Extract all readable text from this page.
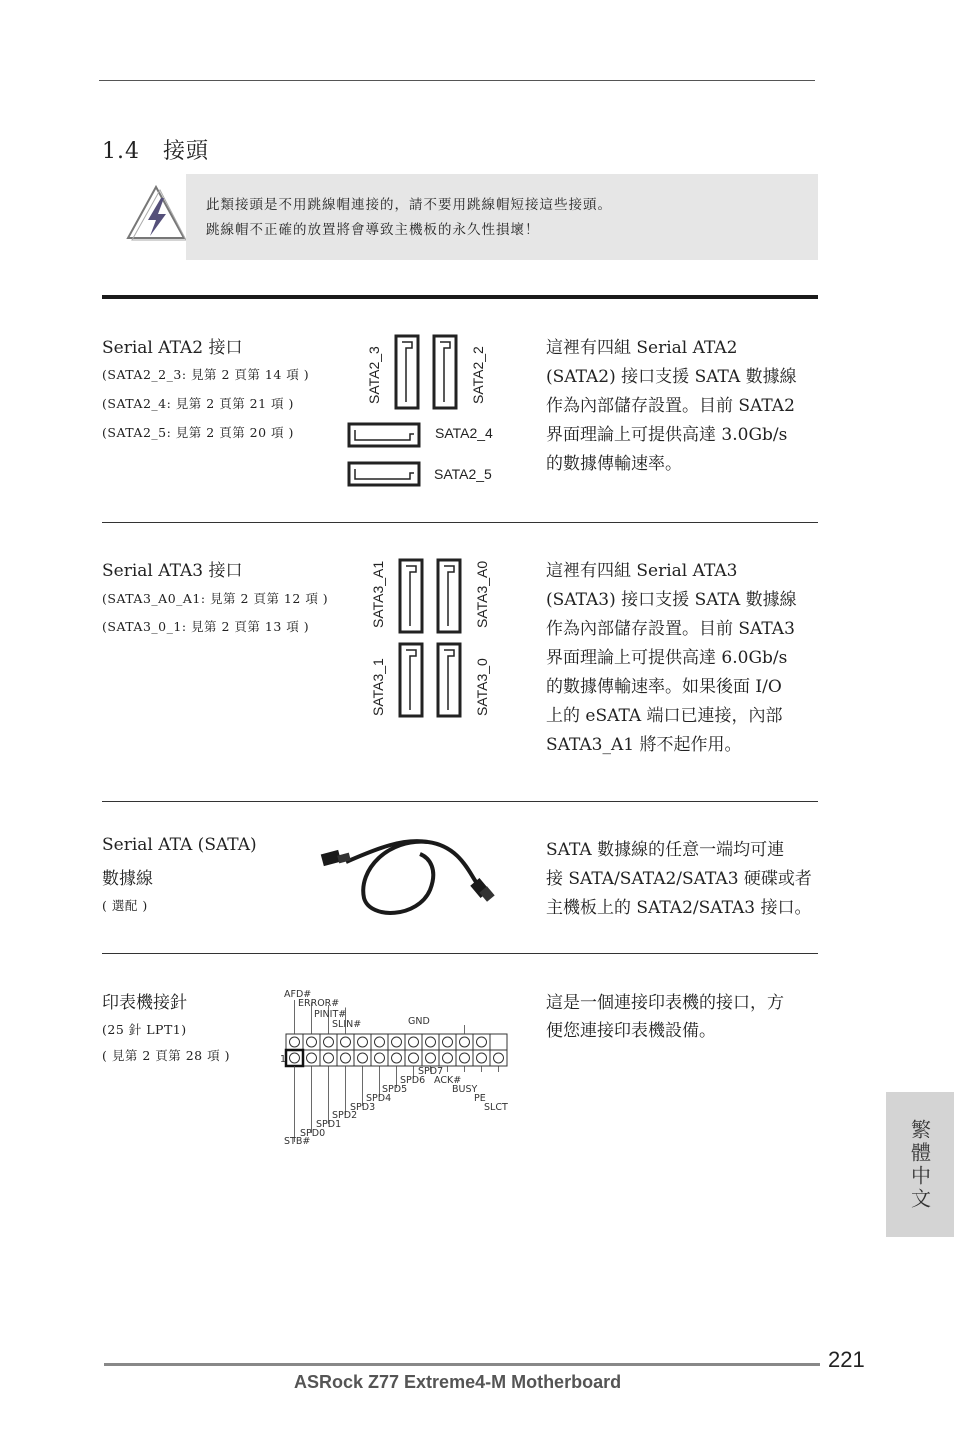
1.4　接頭
此類接頭是不用跳線帽連接的，請不要用跳線帽短接這些接頭。
跳線帽不正確的放置將會導致主機板的永久性損壞！
Serial ATA2 接口
(SATA2_2_3: 見第 2 頁第 14 項 )
(SATA2_4: 見第 2 頁第 21 項 )
(SATA2_5: 見第 2 頁第 20 項 )
SATA2_3	SATA2_2
SATA2_4
SATA2_5
這裡有四組 Serial ATA2
(SATA2) 接口支援 SATA 數據線
作為內部儲存設置。目前 SATA2
界面理論上可提供高達 3.0Gb/s
的數據傳輸速率。
Serial ATA3 接口
(SATA3_A0_A1: 見第 2 頁第 12 項 )
(SATA3_0_1: 見第 2 頁第 13 項 )	SATA3_A1	SATA3_A0
SATA3_1	SATA3_0
這裡有四組 Serial ATA3
(SATA3) 接口支援 SATA 數據線
作為內部儲存設置。目前 SATA3
界面理論上可提供高達 6.0Gb/s
的數據傳輸速率。如果後面 I/O
上的 eSATA 端口已連接，內部
SATA3_A1 將不起作用。
Serial ATA (SATA)
數據線
( 選配 )
SATA 數據線的任意一端均可連
接 SATA/SATA2/SATA3 硬碟或者
主機板上的 SATA2/SATA3 接口。
印表機接針
(25 針 LPT1)
( 見第 2 頁第 28 項 )
AFD#
ERROR#
PINIT#
SLIN#	GND
1
SPD7
SPD6 ACK#
SPD5	BUSY
SPD4	PE
SPD3	SLCT
SPD2
SPD1
SPD0
STB#
這是一個連接印表機的接口，方
便您連接印表機設備。
繁體中文
221
ASRock Z77 Extreme4-M Motherboard
